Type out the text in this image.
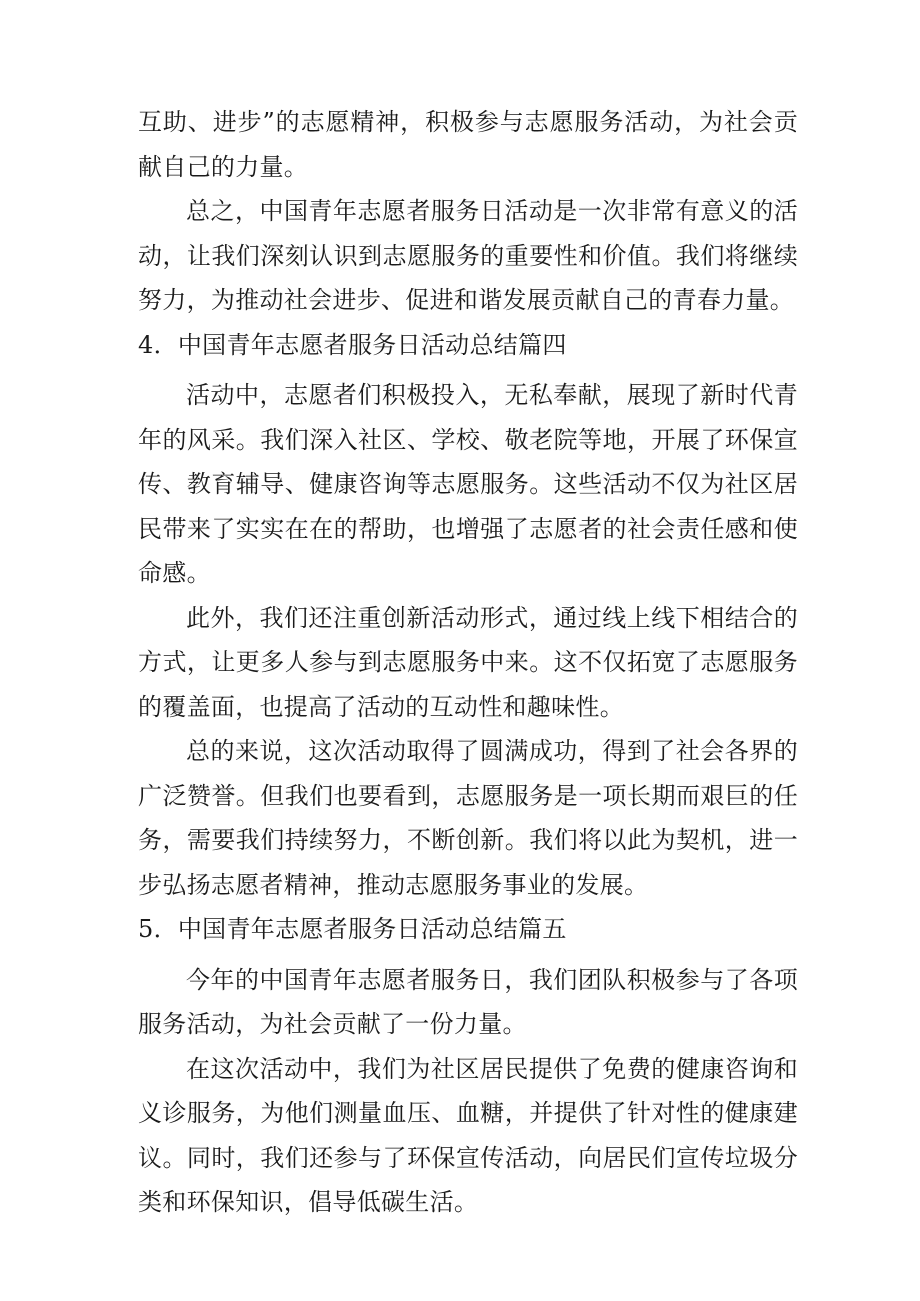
互助、进步”的志愿精神，积极参与志愿服务活动，为社会贡献自己的力量。

总之，中国青年志愿者服务日活动是一次非常有意义的活动，让我们深刻认识到志愿服务的重要性和价值。我们将继续努力，为推动社会进步、促进和谐发展贡献自己的青春力量。

4．中国青年志愿者服务日活动总结篇四

活动中，志愿者们积极投入，无私奉献，展现了新时代青年的风采。我们深入社区、学校、敬老院等地，开展了环保宣传、教育辅导、健康咨询等志愿服务。这些活动不仅为社区居民带来了实实在在的帮助，也增强了志愿者的社会责任感和使命感。

此外，我们还注重创新活动形式，通过线上线下相结合的方式，让更多人参与到志愿服务中来。这不仅拓宽了志愿服务的覆盖面，也提高了活动的互动性和趣味性。

总的来说，这次活动取得了圆满成功，得到了社会各界的广泛赞誉。但我们也要看到，志愿服务是一项长期而艰巨的任务，需要我们持续努力，不断创新。我们将以此为契机，进一步弘扬志愿者精神，推动志愿服务事业的发展。

5．中国青年志愿者服务日活动总结篇五

今年的中国青年志愿者服务日，我们团队积极参与了各项服务活动，为社会贡献了一份力量。

在这次活动中，我们为社区居民提供了免费的健康咨询和义诊服务，为他们测量血压、血糖，并提供了针对性的健康建议。同时，我们还参与了环保宣传活动，向居民们宣传垃圾分类和环保知识，倡导低碳生活。
